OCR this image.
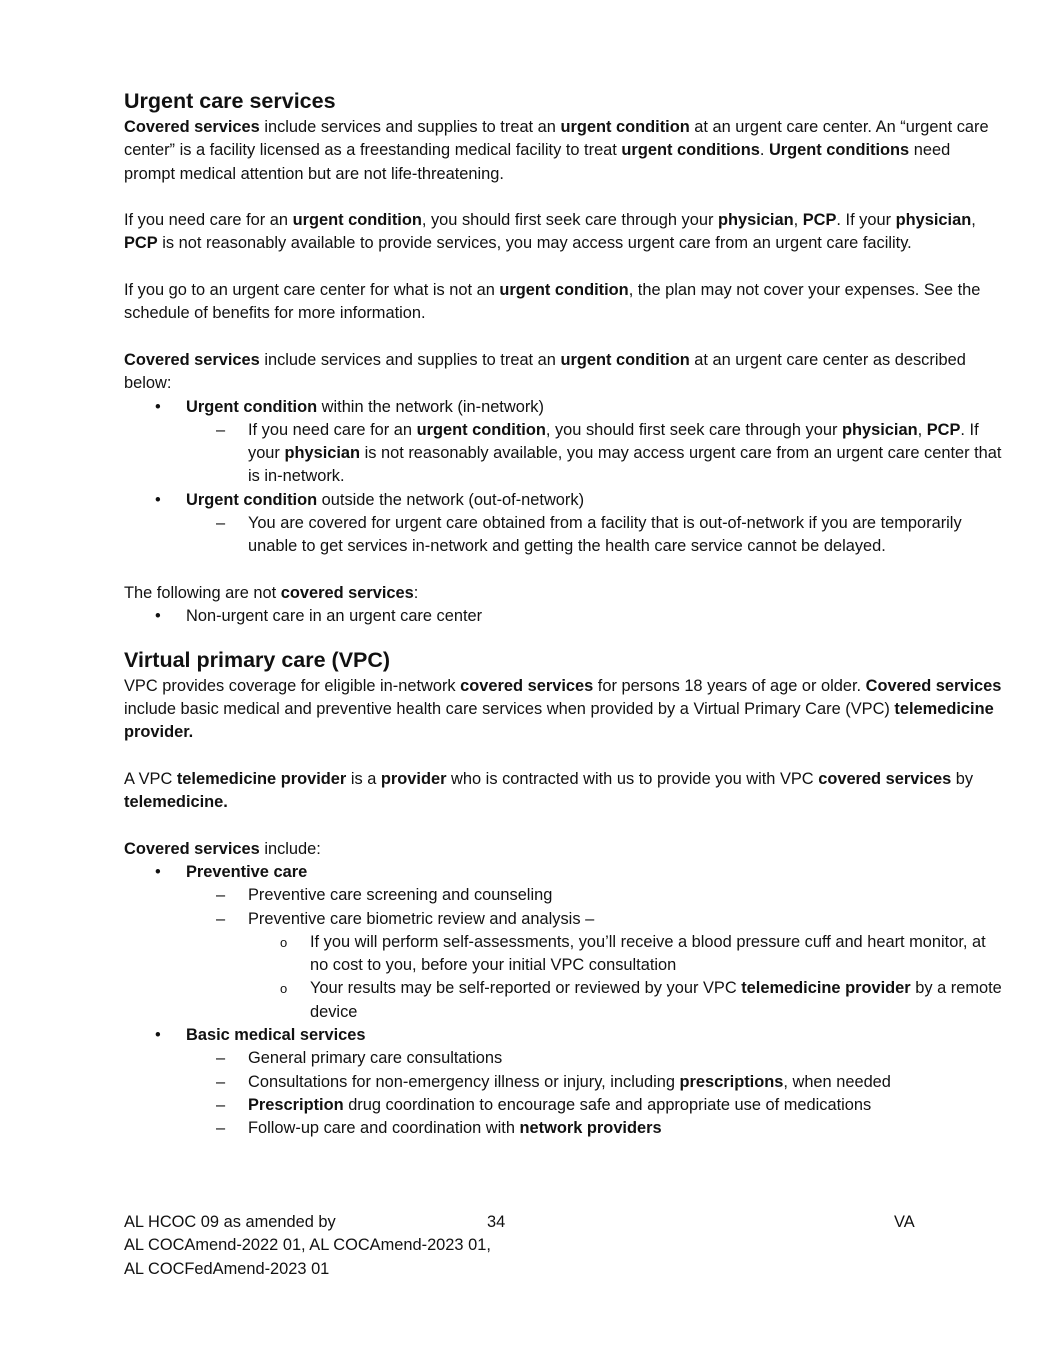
Urgent care services

Covered services include services and supplies to treat an urgent condition at an urgent care center. An “urgent care center” is a facility licensed as a freestanding medical facility to treat urgent conditions. Urgent conditions need prompt medical attention but are not life-threatening.

If you need care for an urgent condition, you should first seek care through your physician, PCP. If your physician, PCP is not reasonably available to provide services, you may access urgent care from an urgent care facility.

If you go to an urgent care center for what is not an urgent condition, the plan may not cover your expenses. See the schedule of benefits for more information.

Covered services include services and supplies to treat an urgent condition at an urgent care center as described below:

• Urgent condition within the network (in-network)
– If you need care for an urgent condition, you should first seek care through your physician, PCP. If your physician is not reasonably available, you may access urgent care from an urgent care center that is in-network.
• Urgent condition outside the network (out-of-network)
– You are covered for urgent care obtained from a facility that is out-of-network if you are temporarily unable to get services in-network and getting the health care service cannot be delayed.

The following are not covered services:

• Non-urgent care in an urgent care center
Virtual primary care (VPC)

VPC provides coverage for eligible in-network covered services for persons 18 years of age or older. Covered services include basic medical and preventive health care services when provided by a Virtual Primary Care (VPC) telemedicine provider.

A VPC telemedicine provider is a provider who is contracted with us to provide you with VPC covered services by telemedicine.

Covered services include:

• Preventive care
– Preventive care screening and counseling
– Preventive care biometric review and analysis –
o If you will perform self-assessments, you’ll receive a blood pressure cuff and heart monitor, at no cost to you, before your initial VPC consultation
o Your results may be self-reported or reviewed by your VPC telemedicine provider by a remote device
• Basic medical services
– General primary care consultations
– Consultations for non-emergency illness or injury, including prescriptions, when needed
– Prescription drug coordination to encourage safe and appropriate use of medications
– Follow-up care and coordination with network providers
AL HCOC 09 as amended by
AL COCAmend-2022 01, AL COCAmend-2023 01,
AL COCFedAmend-2023 01
34	VA
